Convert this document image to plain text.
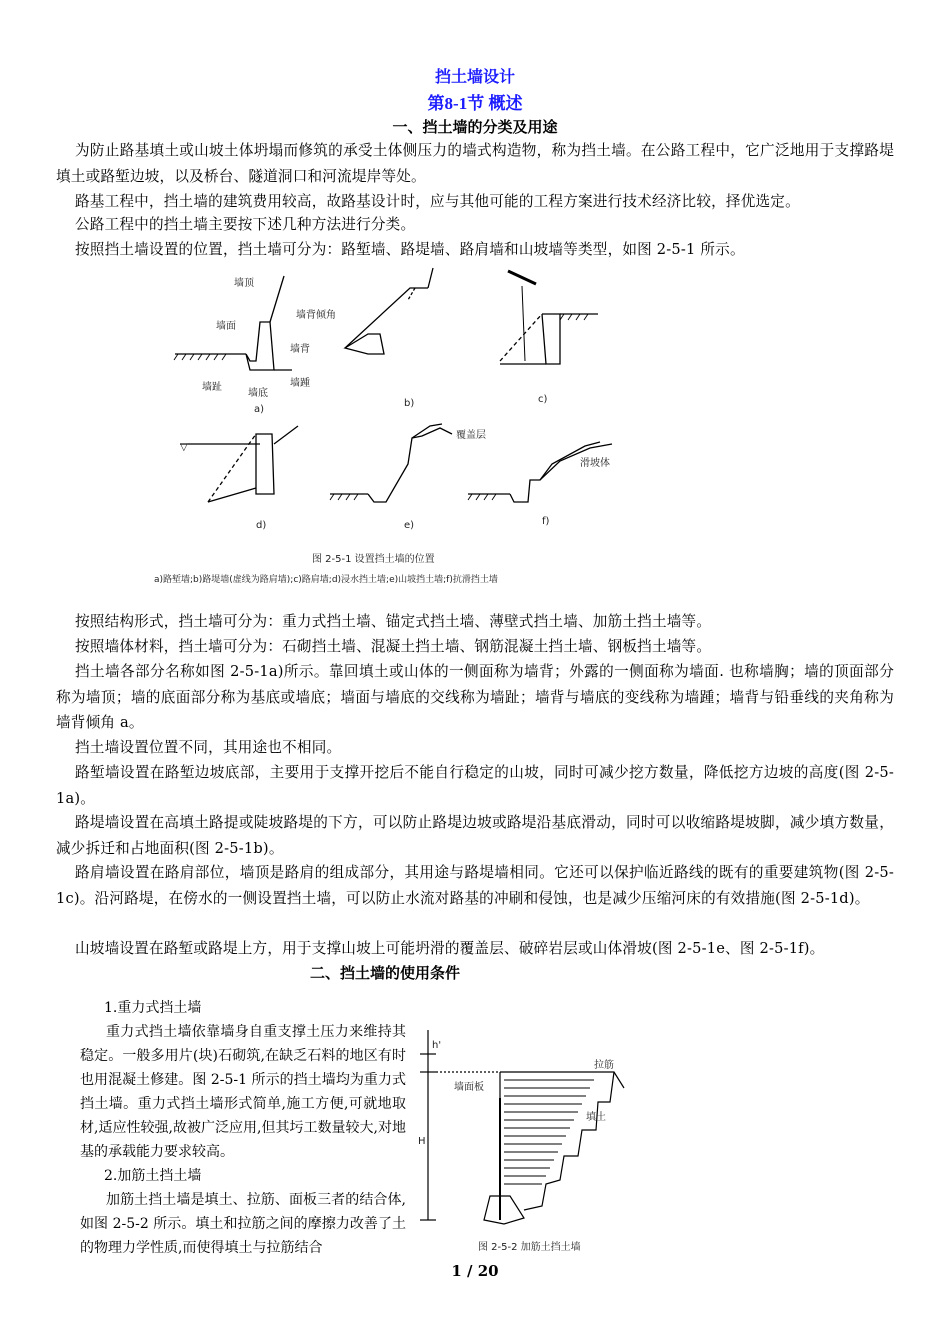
挡土墙设计
第8-1节 概述
一、挡土墙的分类及用途
为防止路基填土或山坡土体坍塌而修筑的承受土体侧压力的墙式构造物，称为挡土墙。在公路工程中，它广泛地用于支撑路堤填土或路堑边坡，以及桥台、隧道洞口和河流堤岸等处。
路基工程中，挡土墙的建筑费用较高，故路基设计时，应与其他可能的工程方案进行技术经济比较，择优选定。
公路工程中的挡土墙主要按下述几种方法进行分类。
按照挡土墙设置的位置，挡土墙可分为：路堑墙、路堤墙、路肩墙和山坡墙等类型，如图 2-5-1 所示。
墙顶
墙面
墙背倾角
墙背
墙趾
墙底
墙踵
a)
b)	c)
▽
覆盖层
滑坡体
d)	e)	f)
图 2-5-1 设置挡土墙的位置
a)路堑墙;b)路堤墙(虚线为路肩墙);c)路肩墙;d)浸水挡土墙;e)山坡挡土墙;f)抗滑挡土墙
按照结构形式，挡土墙可分为：重力式挡土墙、锚定式挡土墙、薄壁式挡土墙、加筋土挡土墙等。
按照墙体材料，挡土墙可分为：石砌挡土墙、混凝土挡土墙、钢筋混凝土挡土墙、钢板挡土墙等。
挡土墙各部分名称如图 2-5-1a)所示。靠回填土或山体的一侧面称为墙背；外露的一侧面称为墙面. 也称墙胸；墙的顶面部分称为墙顶；墙的底面部分称为基底或墙底；墙面与墙底的交线称为墙趾；墙背与墙底的变线称为墙踵；墙背与铅垂线的夹角称为墙背倾角 a。
挡土墙设置位置不同，其用途也不相同。
路堑墙设置在路堑边坡底部，主要用于支撑开挖后不能自行稳定的山坡，同时可减少挖方数量，降低挖方边坡的高度(图 2-5-1a)。
路堤墙设置在高填土路提或陡坡路堤的下方，可以防止路堤边坡或路堤沿基底滑动，同时可以收缩路堤坡脚，减少填方数量，减少拆迁和占地面积(图 2-5-1b)。
路肩墙设置在路肩部位，墙顶是路肩的组成部分，其用途与路堤墙相同。它还可以保护临近路线的既有的重要建筑物(图 2-5-1c)。沿河路堤，在傍水的一侧设置挡土墙，可以防止水流对路基的冲刷和侵蚀，也是减少压缩河床的有效措施(图 2-5-1d)。
山坡墙设置在路堑或路堤上方，用于支撑山坡上可能坍滑的覆盖层、破碎岩层或山体滑坡(图 2-5-1e、图 2-5-1f)。
二、挡土墙的使用条件
1.重力式挡土墙
重力式挡土墙依靠墙身自重支撑土压力来维持其稳定。一般多用片(块)石砌筑,在缺乏石料的地区有时也用混凝土修建。图 2-5-1 所示的挡土墙均为重力式挡土墙。重力式挡土墙形式简单,施工方便,可就地取材,适应性较强,故被广泛应用,但其圬工数量较大,对地基的承载能力要求较高。
2.加筋土挡土墙
加筋土挡土墙是填土、拉筋、面板三者的结合体,如图 2-5-2 所示。填土和拉筋之间的摩擦力改善了土的物理力学性质,而使得填土与拉筋结合
h'
H
墙面板
拉筋
填土
图 2-5-2 加筋土挡土墙
1 / 20
